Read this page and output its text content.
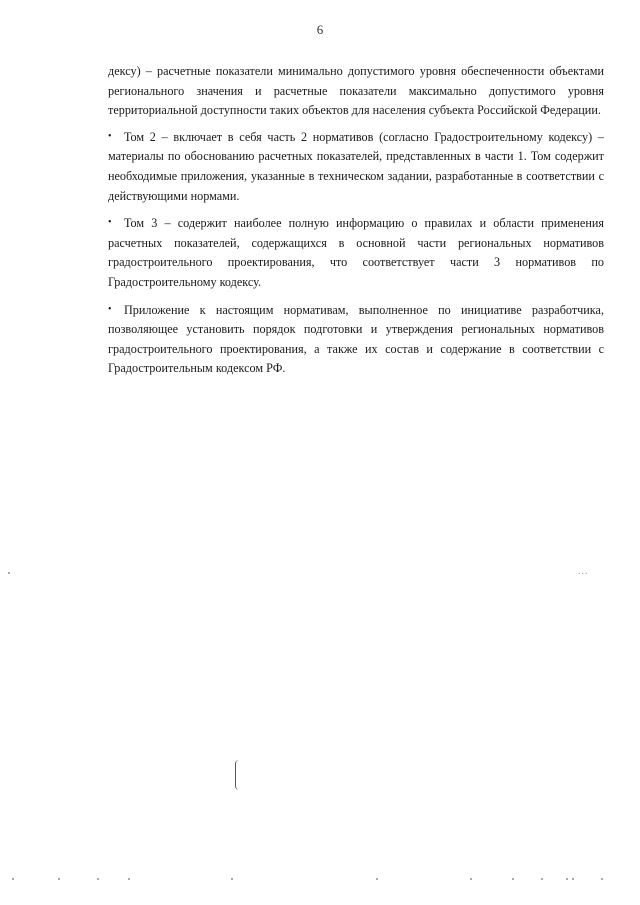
6

дексу) – расчетные показатели минимально допустимого уровня обеспеченности объектами регионального значения и расчетные показатели максимально допустимого уровня территориальной доступности таких объектов для населения субъекта Российской Федерации.

• Том 2 – включает в себя часть 2 нормативов (согласно Градостроительному кодексу) –материалы по обоснованию расчетных показателей, представленных в части 1. Том содержит необходимые приложения, указанные в техническом задании, разработанные в соответствии с действующими нормами.

• Том 3 – содержит наиболее полную информацию о правилах и области применения расчетных показателей, содержащихся в основной части региональных нормативов градостроительного проектирования, что соответствует части 3 нормативов по Градостроительному кодексу.

• Приложение к настоящим нормативам, выполненное по инициативе разработчика, позволяющее установить порядок подготовки и утверждения региональных нормативов градостроительного проектирования, а также их состав и содержание в соответствии с Градостроительным кодексом РФ.

...
